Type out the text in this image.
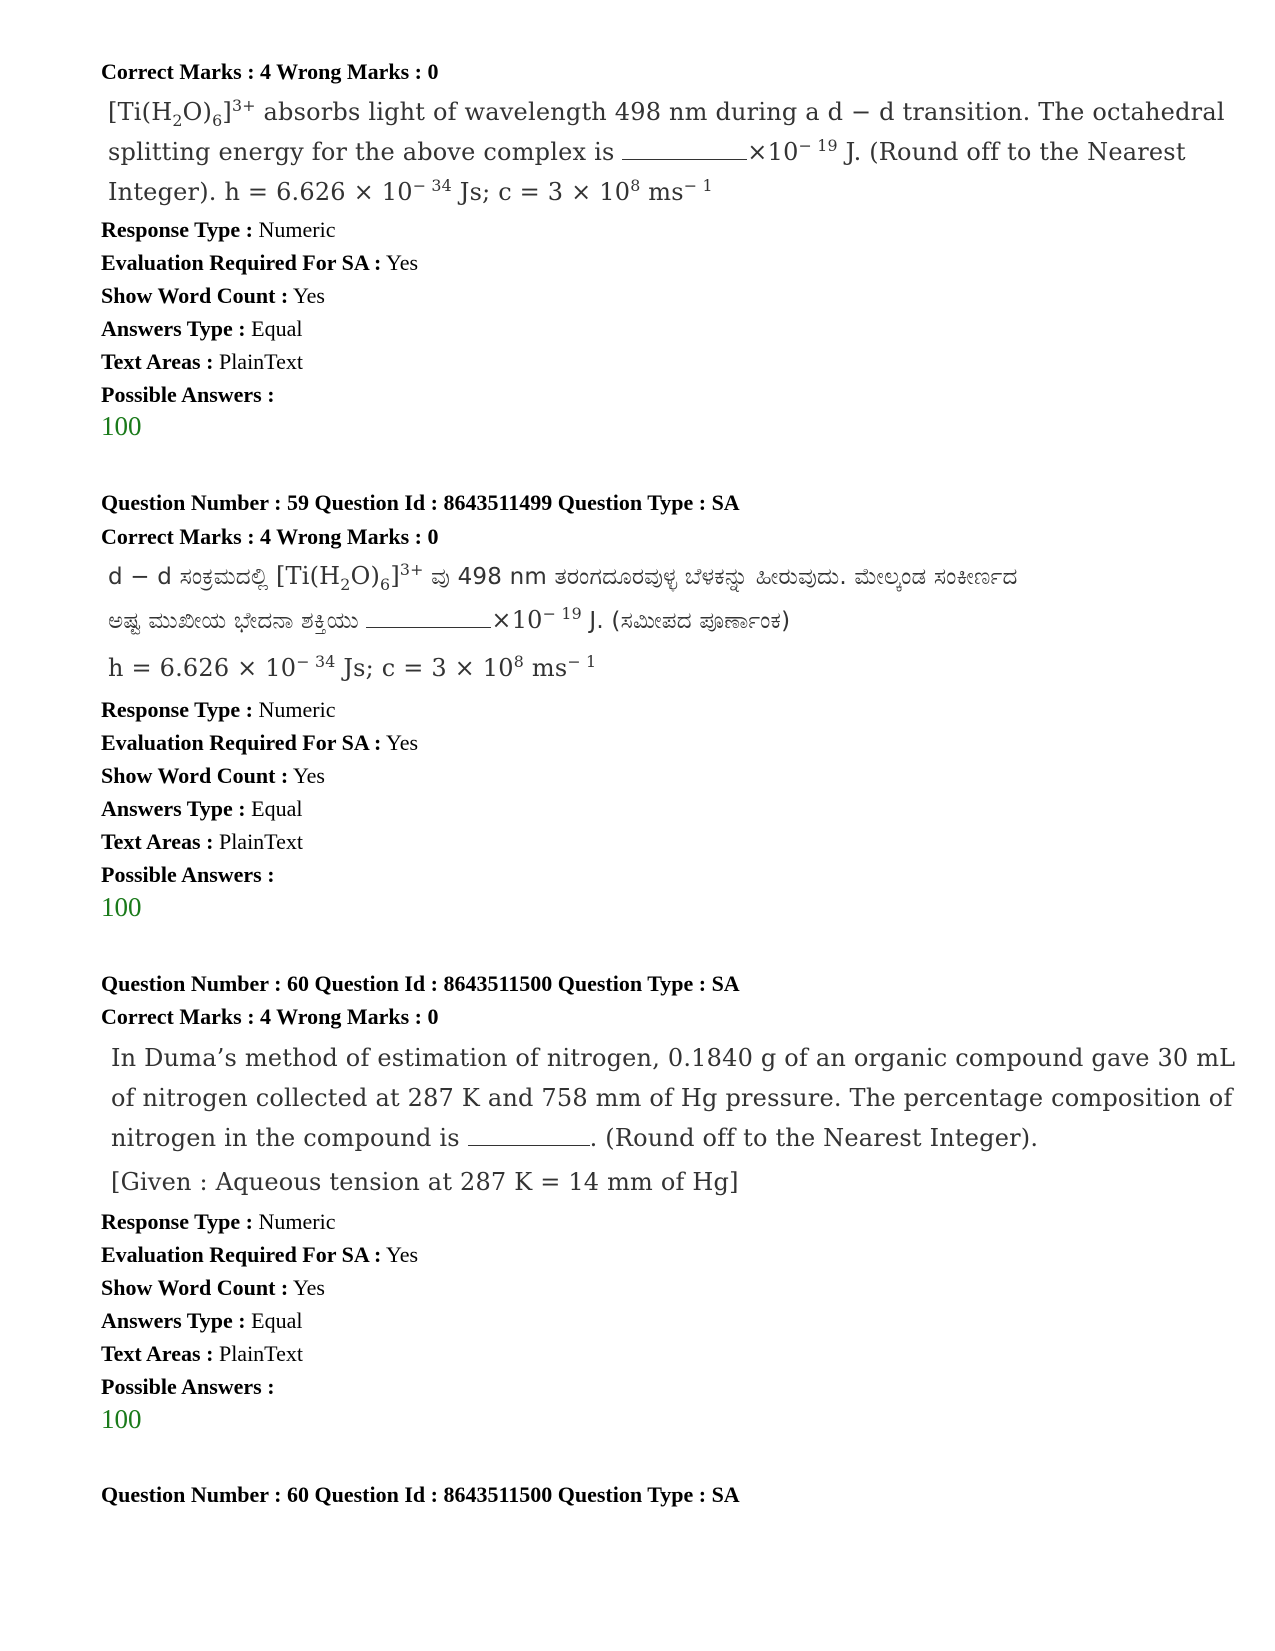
Correct Marks : 4 Wrong Marks : 0
$[Ti(H_2O)_6]^{3+}$ absorbs light of wavelength 498 nm during a d − d transition. The octahedral
splitting energy for the above complex is	$\times 10^{- 19}$ J. (Round off to the Nearest
Integer). $h = 6.626 \times 10^{- 34}$ Js; $c = 3 \times 10^8$ $ms^{- 1}$
Response Type : Numeric
Evaluation Required For SA : Yes
Show Word Count : Yes
Answers Type : Equal
Text Areas : PlainText
Possible Answers :
100
Question Number : 59 Question Id : 8643511499 Question Type : SA
Correct Marks : 4 Wrong Marks : 0
d − d ಸಂಕ್ರಮದಲ್ಲಿ $[Ti(H_2O)_6]^{3+}$ ವು 498 nm ತರಂಗದೂರವುಳ್ಳ ಬೆಳಕನ್ನು ಹೀರುವುದು. ಮೇಲ್ಕಂಡ ಸಂಕೀರ್ಣದ
ಅಷ್ಟ ಮುಖೀಯ ಭೇದನಾ ಶಕ್ತಿಯು	$\times 10^{- 19}$ J. (ಸಮೀಪದ ಪೂರ್ಣಾಂಕ)
$h = 6.626 \times 10^{- 34}$ Js; $c = 3 \times 10^8$ $ms^{- 1}$
Response Type : Numeric
Evaluation Required For SA : Yes
Show Word Count : Yes
Answers Type : Equal
Text Areas : PlainText
Possible Answers :
100
Question Number : 60 Question Id : 8643511500 Question Type : SA
Correct Marks : 4 Wrong Marks : 0
In Duma’s method of estimation of nitrogen, 0.1840 g of an organic compound gave 30 mL
of nitrogen collected at 287 K and 758 mm of Hg pressure. The percentage composition of
nitrogen in the compound is	. (Round off to the Nearest Integer).
[Given : Aqueous tension at 287 K = 14 mm of Hg]
Response Type : Numeric
Evaluation Required For SA : Yes
Show Word Count : Yes
Answers Type : Equal
Text Areas : PlainText
Possible Answers :
100
Question Number : 60 Question Id : 8643511500 Question Type : SA
